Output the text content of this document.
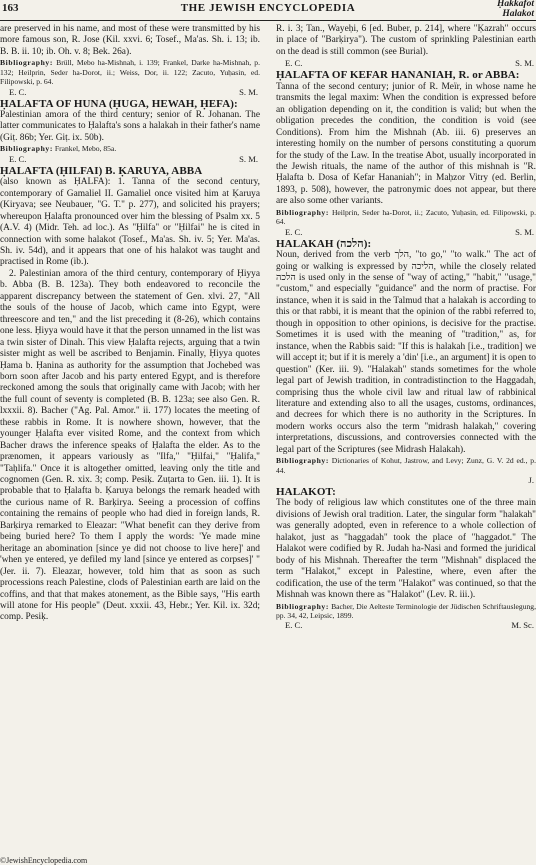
163	THE JEWISH ENCYCLOPEDIA	Ḥakkafot
Halakot

are preserved in his name, and most of these were transmitted by his more famous son, R. Jose (Kil. xxvi. 6; Tosef., Ma'as. Sh. i. 13; ib. B. B. ii. 10; ib. Oh. v. 8; Bek. 26a).

Bibliography: Brüll, Mebo ha-Mishnah, i. 139; Frankel, Darke ha-Mishnah, p. 132; Heilprin, Seder ha-Dorot, ii.; Weiss, Dor, ii. 122; Zacuto, Yuḥasin, ed. Filipowski, p. 64.

E. C.	S. M.

ḤALAFTA OF HUNA (ḤUGA, HEWAH, ḤEFA):

Palestinian amora of the third century; senior of R. Johanan. The latter communicates to Ḥalafta's sons a halakah in their father's name (Giṭ. 86b; Yer. Giṭ. ix. 50b).

Bibliography: Frankel, Mebo, 85a.

E. C.	S. M.

ḤALAFTA (ḤILFAI) B. ḲARUYA, ABBA

(also known as ḤALFA): 1. Tanna of the second century, contemporary of Gamaliel II. Gamaliel once visited him at Ḳaruya (Kiryava; see Neubauer, "G. T." p. 277), and solicited his prayers; whereupon Ḥalafta pronounced over him the blessing of Psalm xx. 5 (A.V. 4) (Midr. Teh. ad loc.). As "Ḥilfa" or "Ḥilfai" he is cited in connection with some halakot (Tosef., Ma'as. Sh. iv. 5; Yer. Ma'as. Sh. iv. 54d), and it appears that one of his halakot was taught and practised in Rome (ib.).

2. Palestinian amora of the third century, contemporary of Ḥiyya b. Abba (B. B. 123a). They both endeavored to reconcile the apparent discrepancy between the statement of Gen. xlvi. 27, "All the souls of the house of Jacob, which came into Egypt, were threescore and ten," and the list preceding it (8-26), which contains one less. Ḥiyya would have it that the person unnamed in the list was a twin sister of Dinah. This view Ḥalafta rejects, arguing that a twin sister might as well be ascribed to Benjamin. Finally, Ḥiyya quotes Ḥama b. Ḥanina as authority for the assumption that Jochebed was born soon after Jacob and his party entered Egypt, and is therefore reckoned among the souls that originally came with Jacob; with her the full count of seventy is completed (B. B. 123a; see also Gen. R. lxxxii. 8). Bacher ("Ag. Pal. Amor." ii. 177) locates the meeting of these rabbis in Rome. It is nowhere shown, however, that the younger Ḥalafta ever visited Rome, and the context from which Bacher draws the inference speaks of Ḥalafta the elder. As to the prænomen, it appears variously as "Ilfa," "Ḥilfai," "Ḥalifa," "Taḥlifa." Once it is altogether omitted, leaving only the title and cognomen (Gen. R. xix. 3; comp. Pesiḳ. Zuṭarta to Gen. iii. 1). It is probable that to Ḥalafta b. Ḳaruya belongs the remark headed with the curious name of R. Barḳirya. Seeing a procession of coffins containing the remains of people who had died in foreign lands, R. Barḳirya remarked to Eleazar: "What benefit can they derive from being buried here? To them I apply the words: 'Ye made mine heritage an abomination [since ye did not choose to live here]' and 'when ye entered, ye defiled my land [since ye entered as corpses]' " (Jer. ii. 7). Eleazar, however, told him that as soon as such processions reach Palestine, clods of Palestinian earth are laid on the coffins, and that that makes atonement, as the Bible says, "His earth will atone for His people" (Deut. xxxii. 43, Hebr.; Yer. Kil. ix. 32d; comp. Pesiḳ.

R. i. 3; Tan., Wayeḥi, 6 [ed. Buber, p. 214], where "Ḳazrah" occurs in place of "Barḳirya"). The custom of sprinkling Palestinian earth on the dead is still common (see Burial).

E. C.	S. M.

ḤALAFTA OF KEFAR HANANIAH, R. or ABBA:

Tanna of the second century; junior of R. Meïr, in whose name he transmits the legal maxim: When the condition is expressed before an obligation depending on it, the condition is valid; but when the obligation precedes the condition, the condition is void (see Conditions). From him the Mishnah (Ab. iii. 6) preserves an interesting homily on the number of persons constituting a quorum for the study of the Law. In the treatise Abot, usually incorporated in the Jewish rituals, the name of the author of this mishnah is "R. Ḥalafta b. Dosa of Kefar Hananiah"; in Maḥzor Vitry (ed. Berlin, 1893, p. 508), however, the patronymic does not appear, but there are also some other variants.

Bibliography: Heilprin, Seder ha-Dorot, ii.; Zacuto, Yuḥasin, ed. Filipowski, p. 64.

E. C.	S. M.

HALAKAH (הלכה):

Noun, derived from the verb הלך, "to go," "to walk." The act of going or walking is expressed by הליכה, while the closely related הלכה is used only in the sense of "way of acting," "habit," "usage," "custom," and especially "guidance" and the norm of practise. For instance, when it is said in the Talmud that a halakah is according to this or that rabbi, it is meant that the opinion of the rabbi referred to, though in opposition to other opinions, is decisive for the practise. Sometimes it is used with the meaning of "tradition," as, for instance, when the Rabbis said: "If this is halakah [i.e., tradition] we will accept it; but if it is merely a 'din' [i.e., an argument] it is open to question" (Ker. iii. 9). "Halakah" stands sometimes for the whole legal part of Jewish tradition, in contradistinction to the Haggadah, comprising thus the whole civil law and ritual law of rabbinical literature and extending also to all the usages, customs, ordinances, and decrees for which there is no authority in the Scriptures. In modern works occurs also the term "midrash halakah," covering interpretations, discussions, and controversies connected with the legal part of the Scriptures (see Midrash Halakah).

Bibliography: Dictionaries of Kohut, Jastrow, and Levy; Zunz, G. V. 2d ed., p. 44.

J.

HALAKOT:

The body of religious law which constitutes one of the three main divisions of Jewish oral tradition. Later, the singular form "halakah" was generally adopted, even in reference to a whole collection of halakot, just as "haggadah" took the place of "haggadot." The Halakot were codified by R. Judah ha-Nasi and formed the juridical body of his Mishnah. Thereafter the term "Mishnah" displaced the term "Halakot," except in Palestine, where, even after the codification, the use of the term "Halakot" was continued, so that the Mishnah was known there as "Halakot" (Lev. R. iii.).

Bibliography: Bacher, Die Aelteste Terminologie der Jüdischen Schriftauslegung, pp. 34, 42, Leipsic, 1899.

E. C.	M. Sc.
©JewishEncyclopedia.com
